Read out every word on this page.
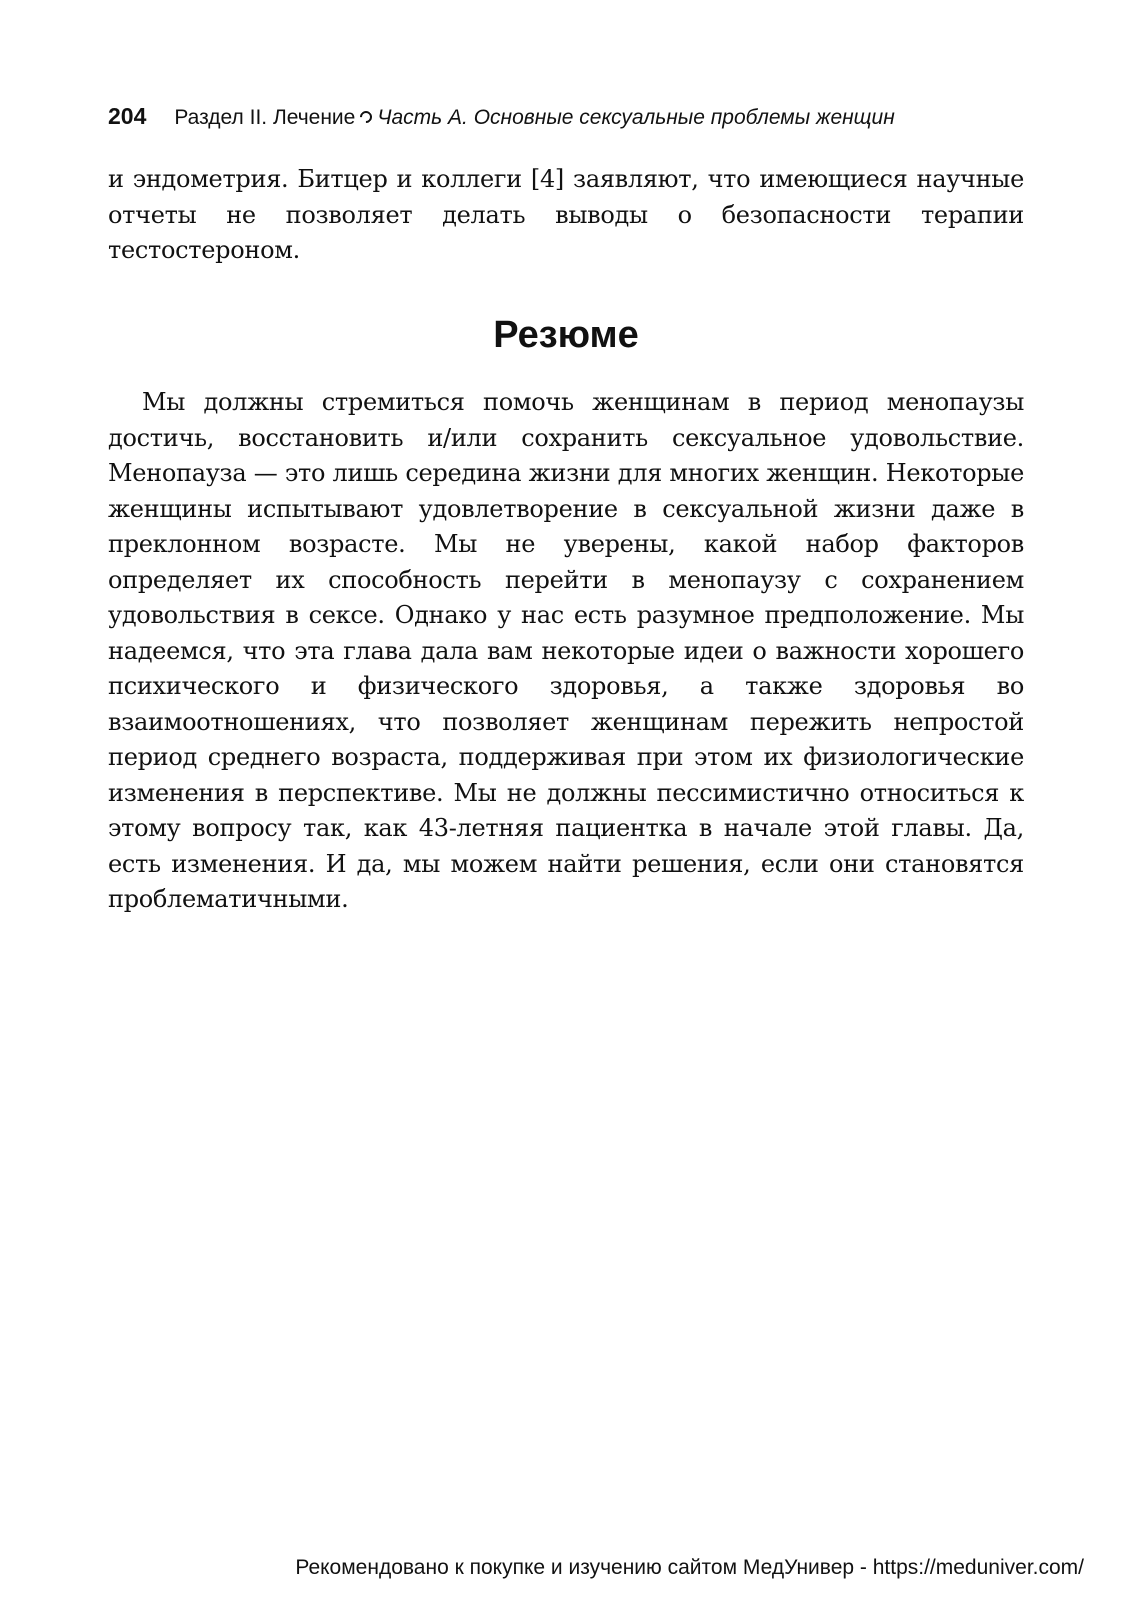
204 Раздел II. Лечение Часть А. Основные сексуальные проблемы женщин

и эндометрия. Битцер и коллеги [4] заявляют, что имеющиеся научные отчеты не позволяет делать выводы о безопасности терапии тестостероном.

Резюме

Мы должны стремиться помочь женщинам в период менопаузы достичь, восстановить и/или сохранить сексуальное удовольствие. Менопауза — это лишь середина жизни для многих женщин. Некоторые женщины испытывают удовлетворение в сексуальной жизни даже в преклонном возрасте. Мы не уверены, какой набор факторов определяет их способность перейти в менопаузу с сохранением удовольствия в сексе. Однако у нас есть разумное предположение. Мы надеемся, что эта глава дала вам некоторые идеи о важности хорошего психического и физического здоровья, а также здоровья во взаимоотношениях, что позволяет женщинам пережить непростой период среднего возраста, поддерживая при этом их физиологические изменения в перспективе. Мы не должны пессимистично относиться к этому вопросу так, как 43-летняя пациентка в начале этой главы. Да, есть изменения. И да, мы можем найти решения, если они становятся проблематичными.

Рекомендовано к покупке и изучению сайтом МедУнивер - https://meduniver.com/
